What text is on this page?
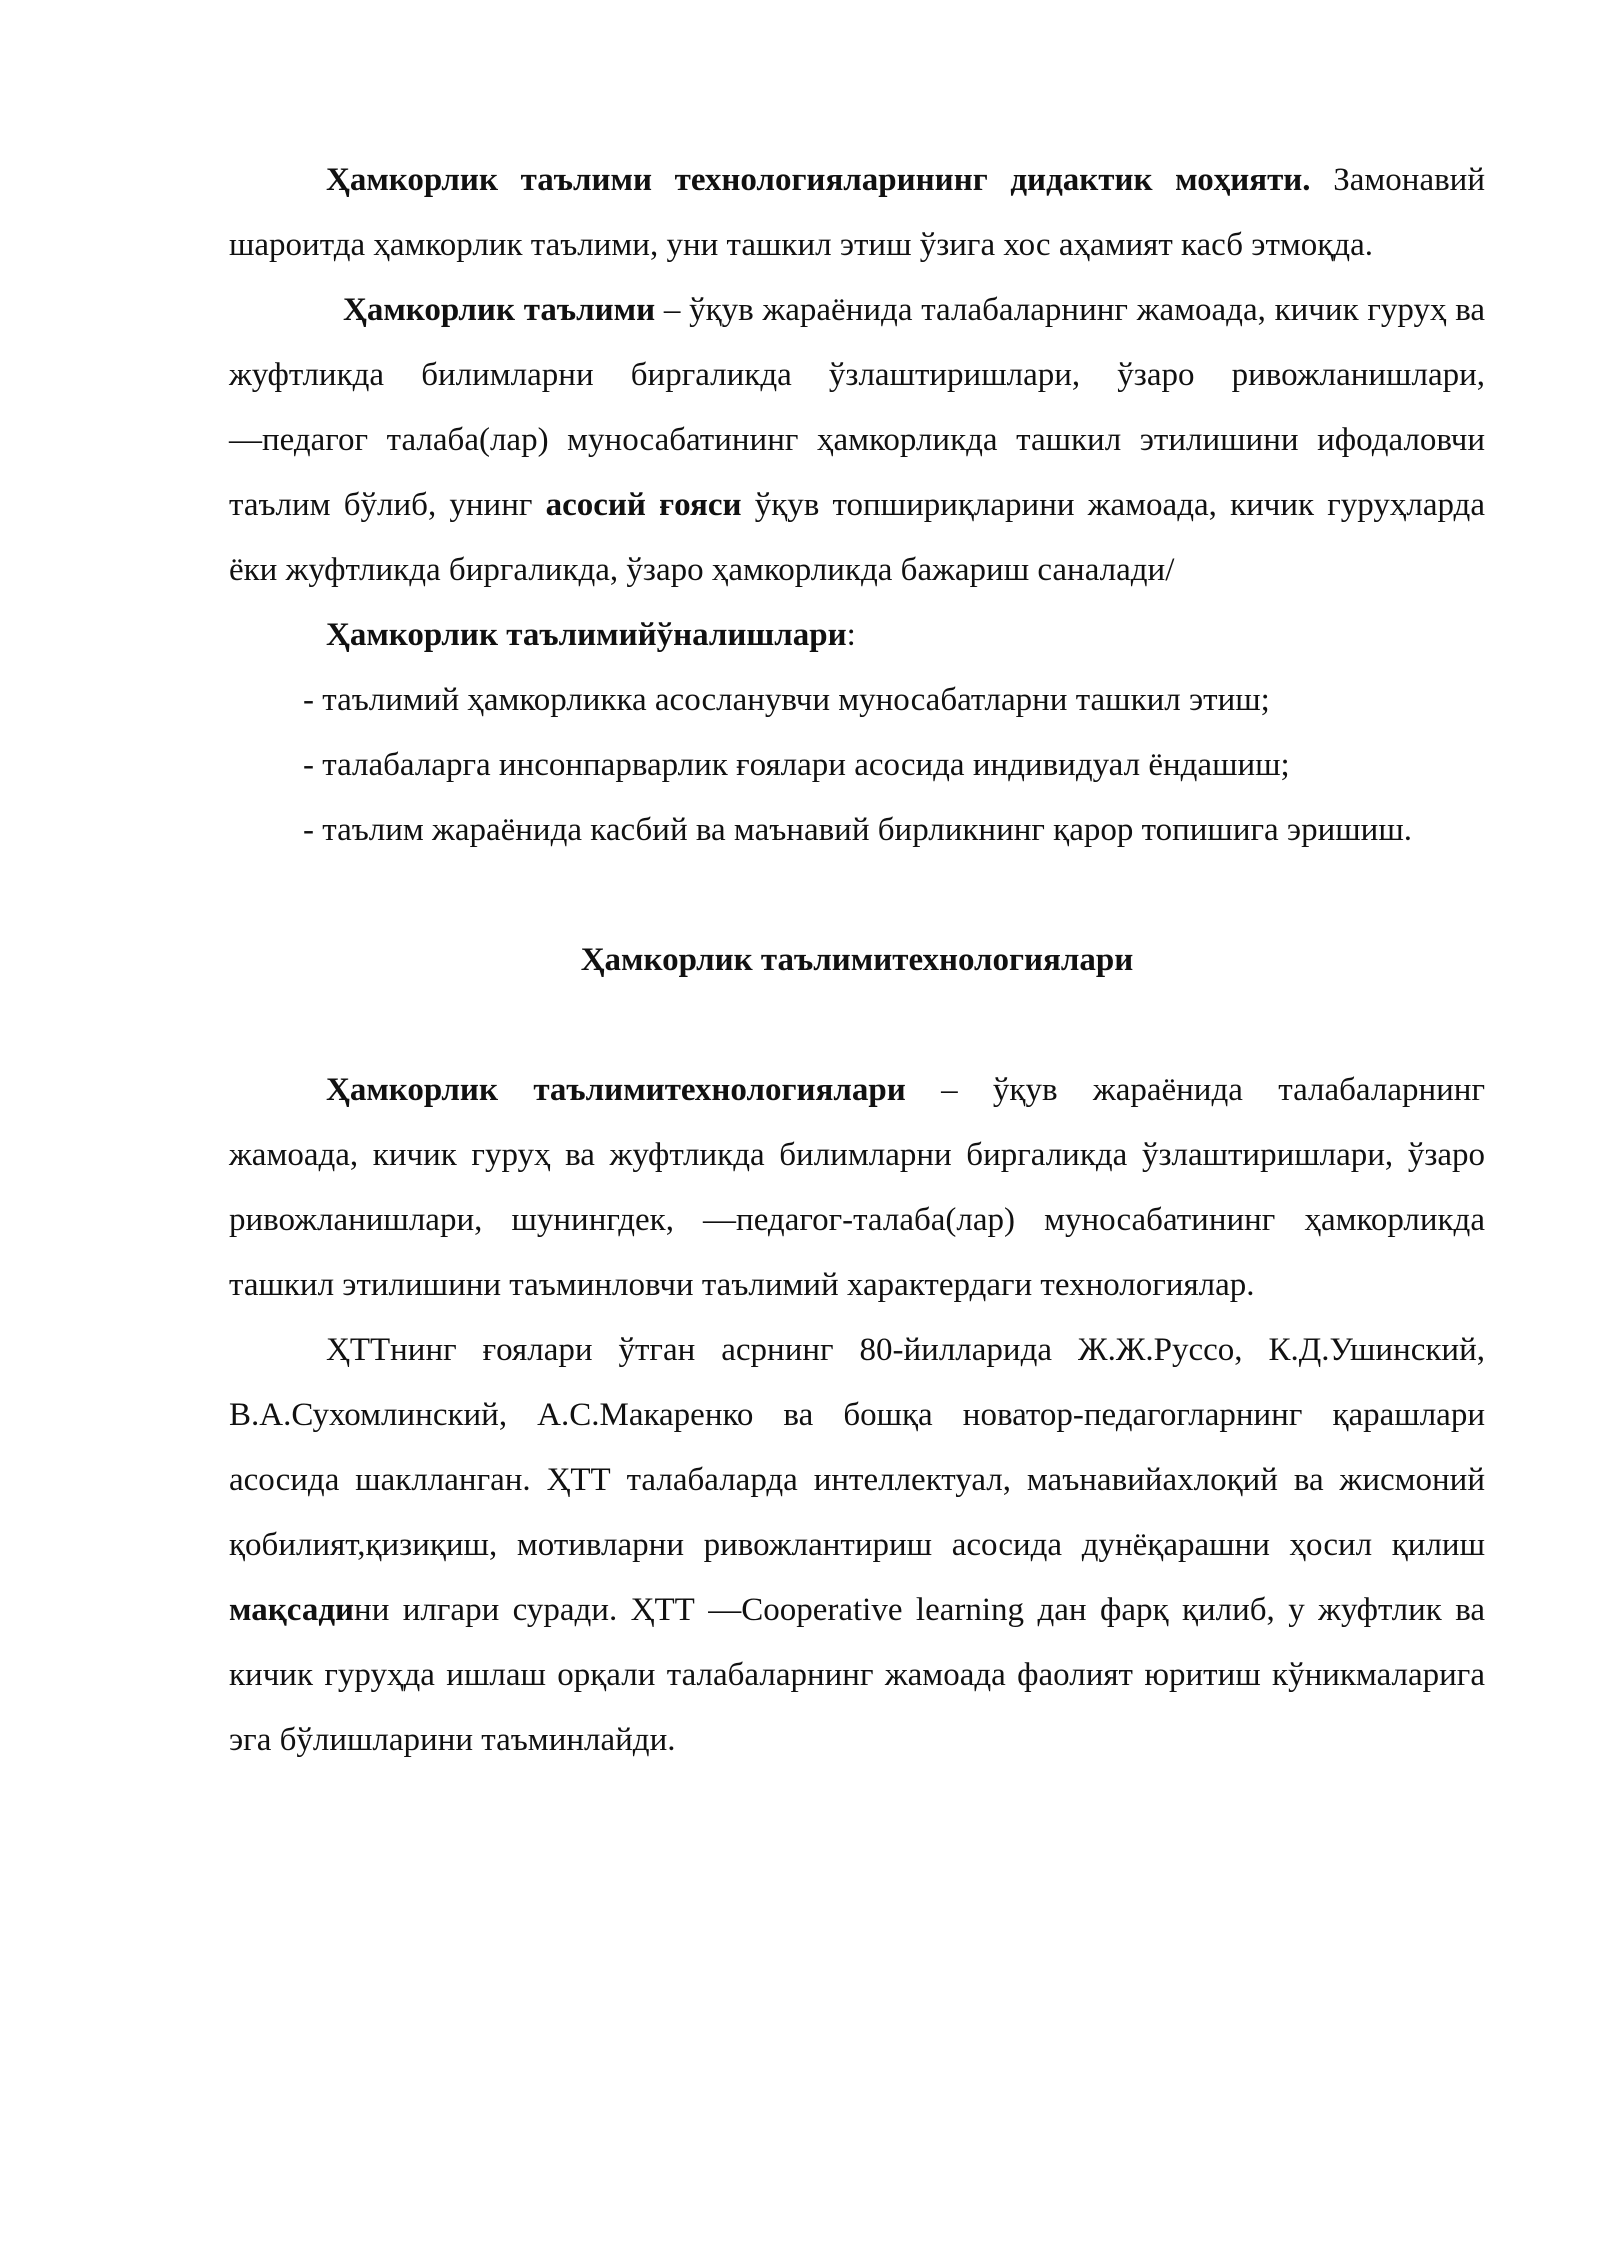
Ҳамкорлик таълими технологияларининг дидактик моҳияти. Замонавий шароитда ҳамкорлик таълими, уни ташкил этиш ўзига хос аҳамият касб этмоқда.

Ҳамкорлик таълими – ўқув жараёнида талабаларнинг жамоада, кичик гуруҳ ва жуфтликда билимларни биргаликда ўзлаштиришлари, ўзаро ривожланишлари, ―педагог талаба(лар) муносабатининг ҳамкорликда ташкил этилишини ифодаловчи таълим бўлиб, унинг асосий ғояси ўқув топшириқларини жамоада, кичик гуруҳларда ёки жуфтликда биргаликда, ўзаро ҳамкорликда бажариш саналади/

Ҳамкорлик таълимийўналишлари:

- таълимий ҳамкорликка асосланувчи муносабатларни ташкил этиш;

- талабаларга инсонпарварлик ғоялари асосида индивидуал ёндашиш;

- таълим жараёнида касбий ва маънавий бирликнинг қарор топишига эришиш.

Ҳамкорлик таълимитехнологиялари

Ҳамкорлик таълимитехнологиялари – ўқув жараёнида талабаларнинг жамоада, кичик гуруҳ ва жуфтликда билимларни биргаликда ўзлаштиришлари, ўзаро ривожланишлари, шунингдек, ―педагог-талаба(лар) муносабатининг ҳамкорликда ташкил этилишини таъминловчи таълимий характердаги технологиялар.

ҲТТнинг ғоялари ўтган асрнинг 80-йилларида Ж.Ж.Руссо, К.Д.Ушинский, В.А.Сухомлинский, А.С.Макаренко ва бошқа новатор-педагогларнинг қарашлари асосида шаклланган. ҲТТ талабаларда интеллектуал, маънавийахлоқий ва жисмоний қобилият,қизиқиш, мотивларни ривожлантириш асосида дунёқарашни ҳосил қилиш мақсадини илгари суради. ҲТТ ―Cooperative learning дан фарқ қилиб, у жуфтлик ва кичик гуруҳда ишлаш орқали талабаларнинг жамоада фаолият юритиш кўникмаларига эга бўлишларини таъминлайди.
